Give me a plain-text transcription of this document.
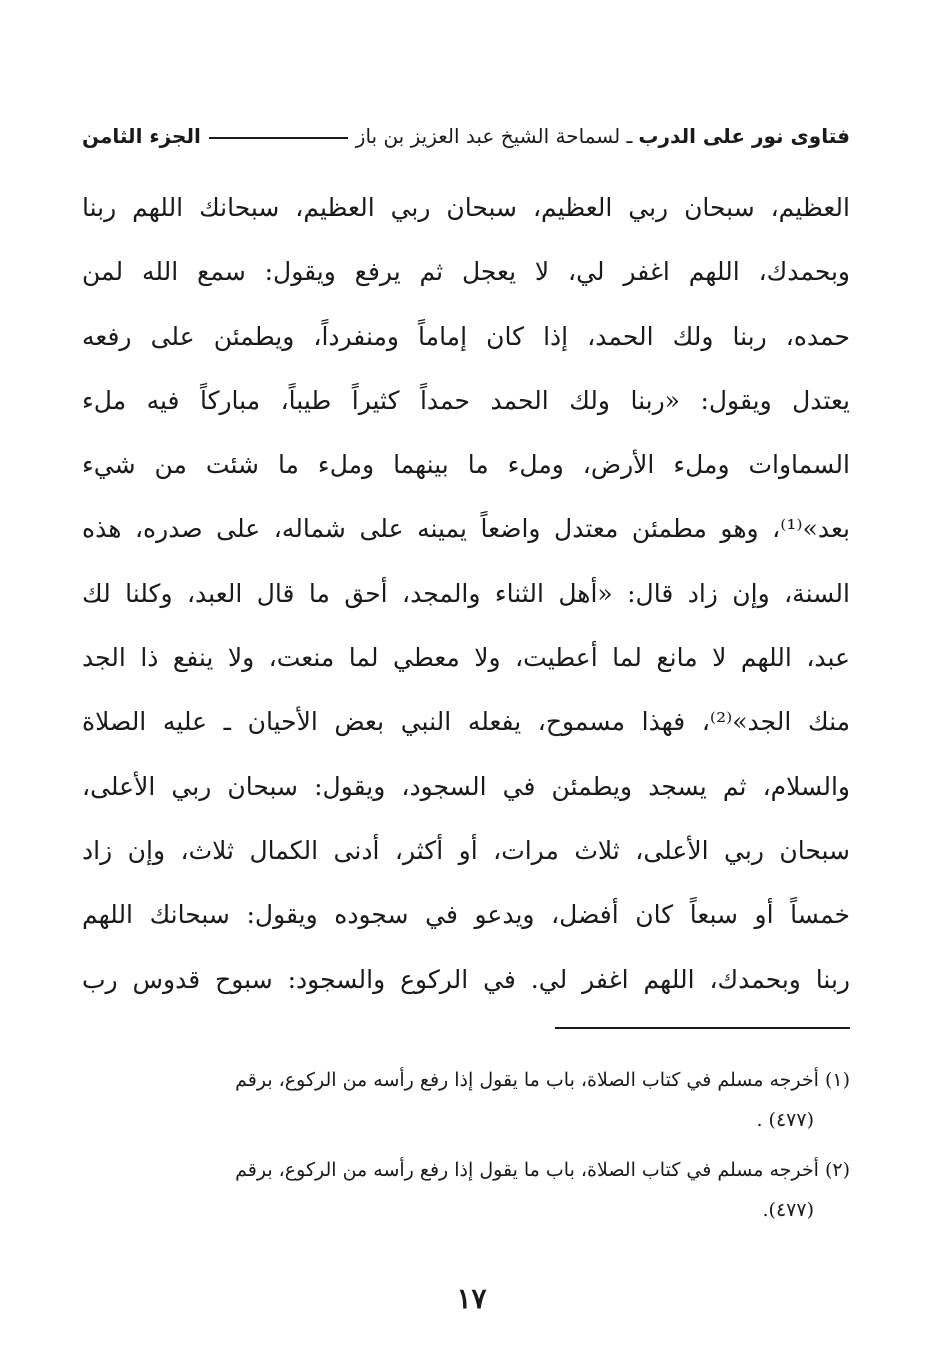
فتاوى نور على الدرب
ـ لسماحة الشيخ عبد العزيز بن باز
الجزء الثامن
العظيم، سبحان ربي العظيم، سبحان ربي العظيم، سبحانك اللهم ربنا
وبحمدك، اللهم اغفر لي، لا يعجل ثم يرفع ويقول: سمع الله لمن
حمده، ربنا ولك الحمد، إذا كان إماماً ومنفرداً، ويطمئن على رفعه
يعتدل ويقول: «ربنا ولك الحمد حمداً كثيراً طيباً، مباركاً فيه ملء
السماوات وملء الأرض، وملء ما بينهما وملء ما شئت من شيء
بعد»⁽¹⁾، وهو مطمئن معتدل واضعاً يمينه على شماله، على صدره، هذه
السنة، وإن زاد قال: «أهل الثناء والمجد، أحق ما قال العبد، وكلنا لك
عبد، اللهم لا مانع لما أعطيت، ولا معطي لما منعت، ولا ينفع ذا الجد
منك الجد»⁽²⁾، فهذا مسموح، يفعله النبي بعض الأحيان ـ عليه الصلاة
والسلام، ثم يسجد ويطمئن في السجود، ويقول: سبحان ربي الأعلى،
سبحان ربي الأعلى، ثلاث مرات، أو أكثر، أدنى الكمال ثلاث، وإن زاد
خمساً أو سبعاً كان أفضل، ويدعو في سجوده ويقول: سبحانك اللهم
ربنا وبحمدك، اللهم اغفر لي. في الركوع والسجود: سبوح قدوس رب
(١) أخرجه مسلم في كتاب الصلاة، باب ما يقول إذا رفع رأسه من الركوع، برقم
(٤٧٧) .
(٢) أخرجه مسلم في كتاب الصلاة، باب ما يقول إذا رفع رأسه من الركوع، برقم
(٤٧٧).
١٧
